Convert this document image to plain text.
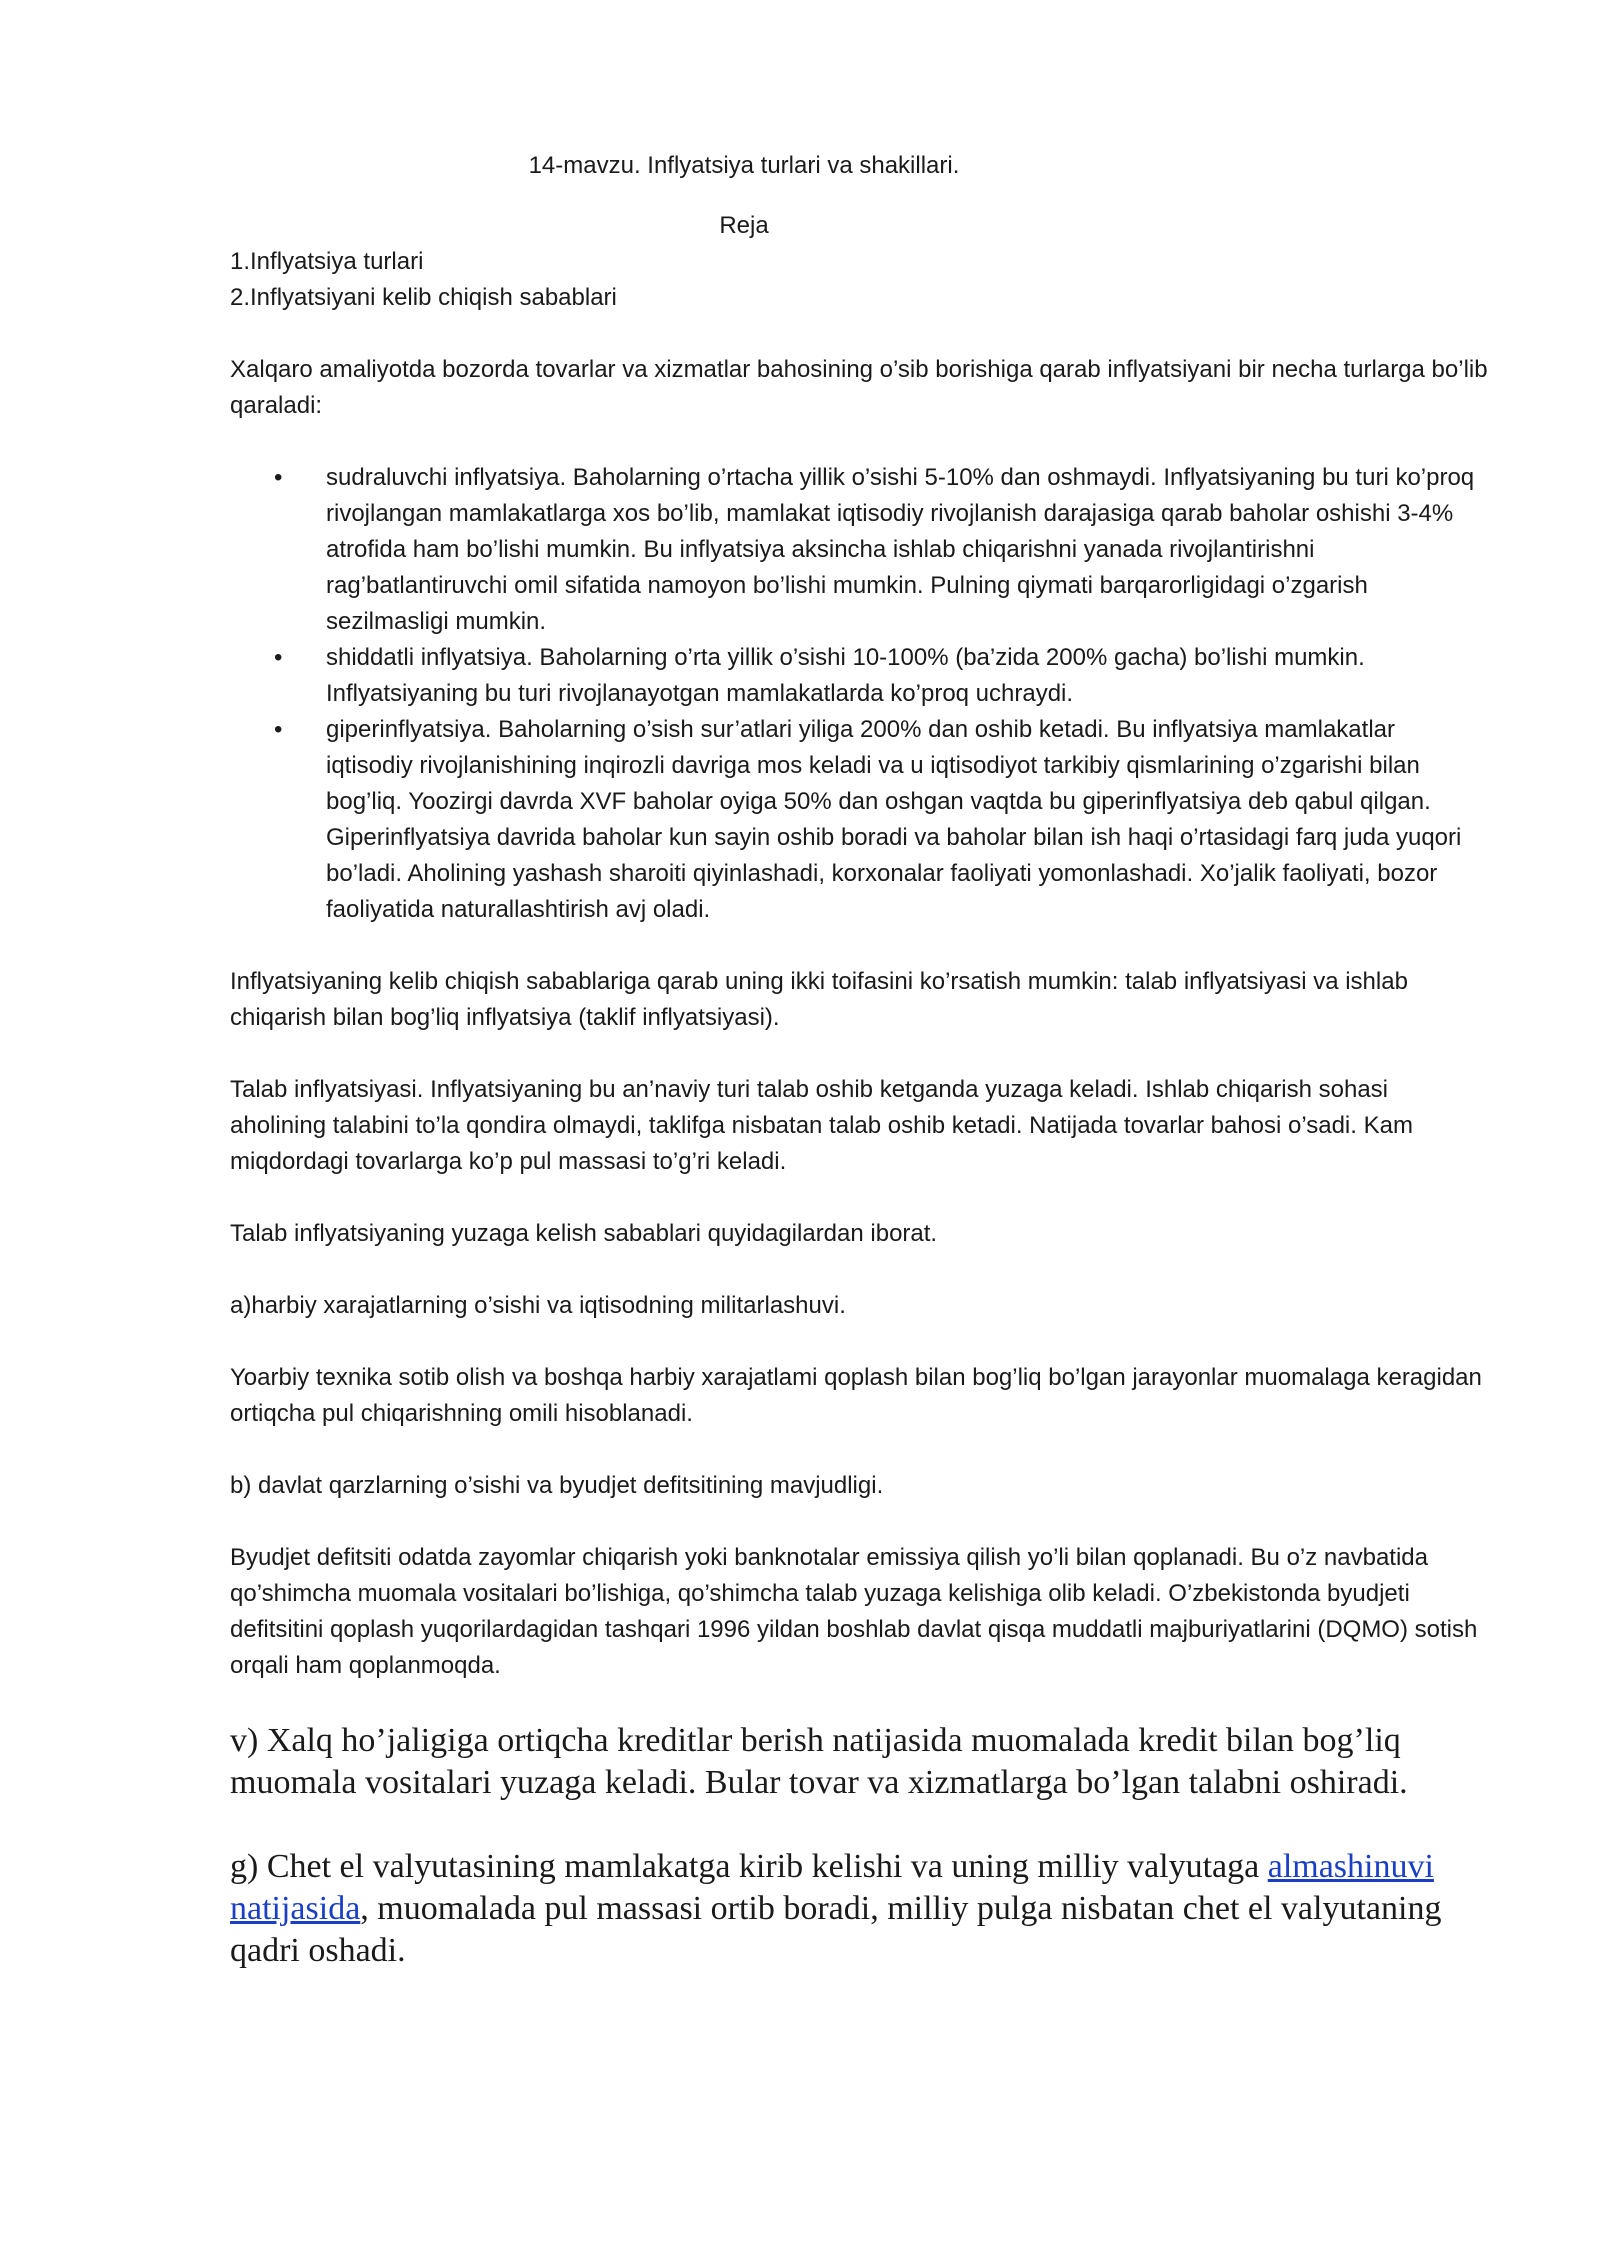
14-mavzu. Inflyatsiya turlari va shakillari.

Reja

1.Inflyatsiya turlari
2.Inflyatsiyani kelib chiqish sabablari

Xalqaro amaliyotda bozorda tovarlar va xizmatlar bahosining o’sib borishiga qarab inflyatsiyani bir necha turlarga bo’lib qaraladi:

• sudraluvchi inflyatsiya. Baholarning o’rtacha yillik o’sishi 5-10% dan oshmaydi. Inflyatsiyaning bu turi ko’proq rivojlangan mamlakatlarga xos bo’lib, mamlakat iqtisodiy rivojlanish darajasiga qarab baholar oshishi 3-4% atrofida ham bo’lishi mumkin. Bu inflyatsiya aksincha ishlab chiqarishni yanada rivojlantirishni rag’batlantiruvchi omil sifatida namoyon bo’lishi mumkin. Pulning qiymati barqarorligidagi o’zgarish sezilmasligi mumkin.
• shiddatli inflyatsiya. Baholarning o’rta yillik o’sishi 10-100% (ba’zida 200% gacha) bo’lishi mumkin. Inflyatsiyaning bu turi rivojlanayotgan mamlakatlarda ko’proq uchraydi.
• giperinflyatsiya. Baholarning o’sish sur’atlari yiliga 200% dan oshib ketadi. Bu inflyatsiya mamlakatlar iqtisodiy rivojlanishining inqirozli davriga mos keladi va u iqtisodiyot tarkibiy qismlarining o’zgarishi bilan bog’liq. Yoozirgi davrda XVF baholar oyiga 50% dan oshgan vaqtda bu giperinflyatsiya deb qabul qilgan. Giperinflyatsiya davrida baholar kun sayin oshib boradi va baholar bilan ish haqi o’rtasidagi farq juda yuqori bo’ladi. Aholining yashash sharoiti qiyinlashadi, korxonalar faoliyati yomonlashadi. Xo’jalik faoliyati, bozor faoliyatida naturallashtirish avj oladi.

Inflyatsiyaning kelib chiqish sabablariga qarab uning ikki toifasini ko’rsatish mumkin: talab inflyatsiyasi va ishlab chiqarish bilan bog’liq inflyatsiya (taklif inflyatsiyasi).

Talab inflyatsiyasi. Inflyatsiyaning bu an’naviy turi talab oshib ketganda yuzaga keladi. Ishlab chiqarish sohasi aholining talabini to’la qondira olmaydi, taklifga nisbatan talab oshib ketadi. Natijada tovarlar bahosi o’sadi. Kam miqdordagi tovarlarga ko’p pul massasi to’g’ri keladi.

Talab inflyatsiyaning yuzaga kelish sabablari quyidagilardan iborat.

a)harbiy xarajatlarning o’sishi va iqtisodning militarlashuvi.

Yoarbiy texnika sotib olish va boshqa harbiy xarajatlami qoplash bilan bog’liq bo’lgan jarayonlar muomalaga keragidan ortiqcha pul chiqarishning omili hisoblanadi.

b) davlat qarzlarning o’sishi va byudjet defitsitining mavjudligi.

Byudjet defitsiti odatda zayomlar chiqarish yoki banknotalar emissiya qilish yo’li bilan qoplanadi. Bu o’z navbatida qo’shimcha muomala vositalari bo’lishiga, qo’shimcha talab yuzaga kelishiga olib keladi. O’zbekistonda byudjeti defitsitini qoplash yuqorilardagidan tashqari 1996 yildan boshlab davlat qisqa muddatli majburiyatlarini (DQMO) sotish orqali ham qoplanmoqda.

v) Xalq ho’jaligiga ortiqcha kreditlar berish natijasida muomalada kredit bilan bog’liq muomala vositalari yuzaga keladi. Bular tovar va xizmatlarga bo’lgan talabni oshiradi.

g) Chet el valyutasining mamlakatga kirib kelishi va uning milliy valyutaga almashinuvi natijasida, muomalada pul massasi ortib boradi, milliy pulga nisbatan chet el valyutaning qadri oshadi.
